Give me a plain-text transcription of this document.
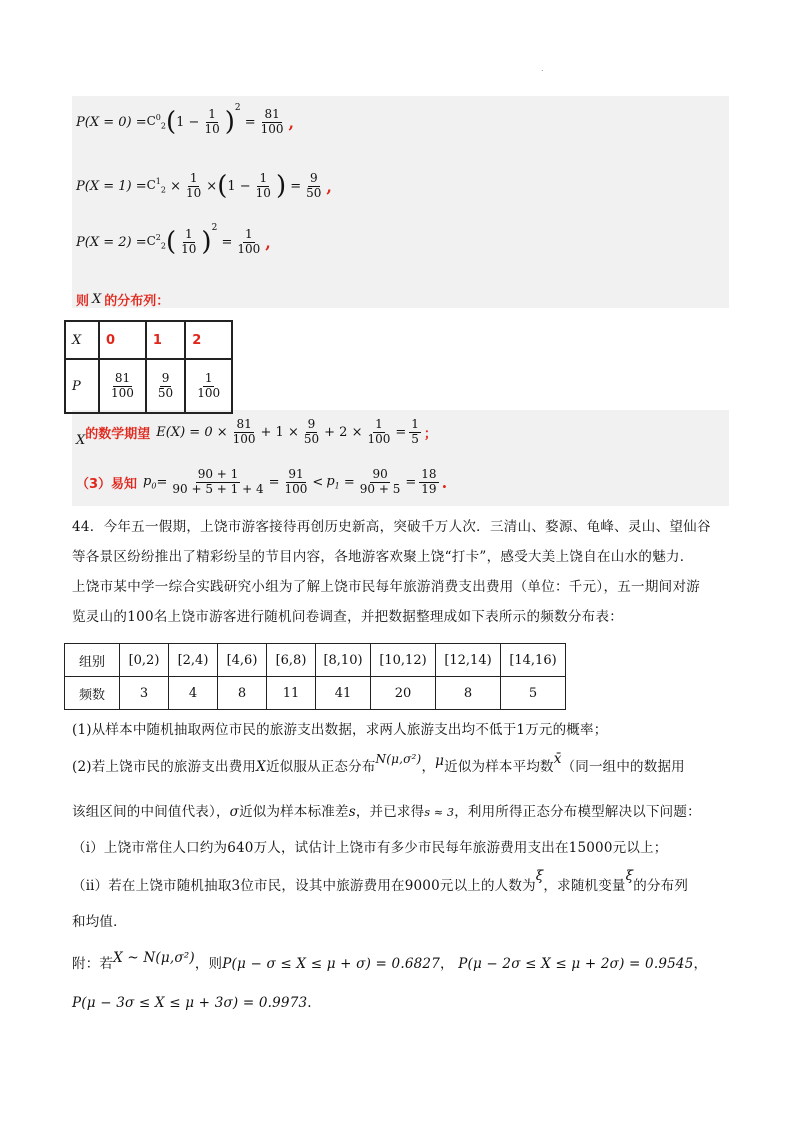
.
$P(X = 0) = C^0_2$ ( $1 - \frac{1}{10}$ ) 2
= $\frac{81}{100}$ ,
$P(X = 1) = C^1_2 \times \frac{1}{10}$ × ( $1 - \frac{1}{10}$ ) = $\frac{9}{50}$ ,
$P(X = 2) = C^2_2$ ( $\frac{1}{10}$ ) 2
= $\frac{1}{100}$ ,
则 X 的分布列：
X	0	1	2
P	$\frac{81}{100}$	$\frac{9}{50}$	$\frac{1}{100}$
X 的数学期望 $E(X) = 0 \times \frac{81}{100} + 1 \times \frac{9}{50} + 2 \times \frac{1}{100} = \frac{1}{5}$ ；
（3）易知 $p_0 = \frac{90 + 1}{90 + 5 + 1 + 4} = \frac{91}{100} < p_1 = \frac{90}{90 + 5} = \frac{18}{19}$ .
44．今年五一假期，上饶市游客接待再创历史新高，突破千万人次．三清山、婺源、龟峰、灵山、望仙谷
等各景区纷纷推出了精彩纷呈的节目内容，各地游客欢聚上饶“打卡”，感受大美上饶自在山水的魅力．
上饶市某中学一综合实践研究小组为了解上饶市民每年旅游消费支出费用（单位：千元），五一期间对游
览灵山的100名上饶市游客进行随机问卷调查，并把数据整理成如下表所示的频数分布表：
组别	[0,2)	[2,4)	[4,6)	[6,8)	[8,10)	[10,12)	[12,14)	[14,16)
频数	3	4	8	11	41	20	8	5
(1)从样本中随机抽取两位市民的旅游支出数据，求两人旅游支出均不低于1万元的概率；
(2)若上饶市民的旅游支出费用X近似服从正态分布N(μ,σ²)，μ近似为样本平均数x̄（同一组中的数据用
该组区间的中间值代表），σ近似为样本标准差s，并已求得s ≈ 3，利用所得正态分布模型解决以下问题：
（ⅰ）上饶市常住人口约为640万人，试估计上饶市有多少市民每年旅游费用支出在15000元以上；
（ⅱ）若在上饶市随机抽取3位市民，设其中旅游费用在9000元以上的人数为ξ，求随机变量ξ的分布列
和均值．
附：若X ~ N(μ,σ²)，则P(μ − σ ≤ X ≤ μ + σ) = 0.6827， P(μ − 2σ ≤ X ≤ μ + 2σ) = 0.9545，
P(μ − 3σ ≤ X ≤ μ + 3σ) = 0.9973.
